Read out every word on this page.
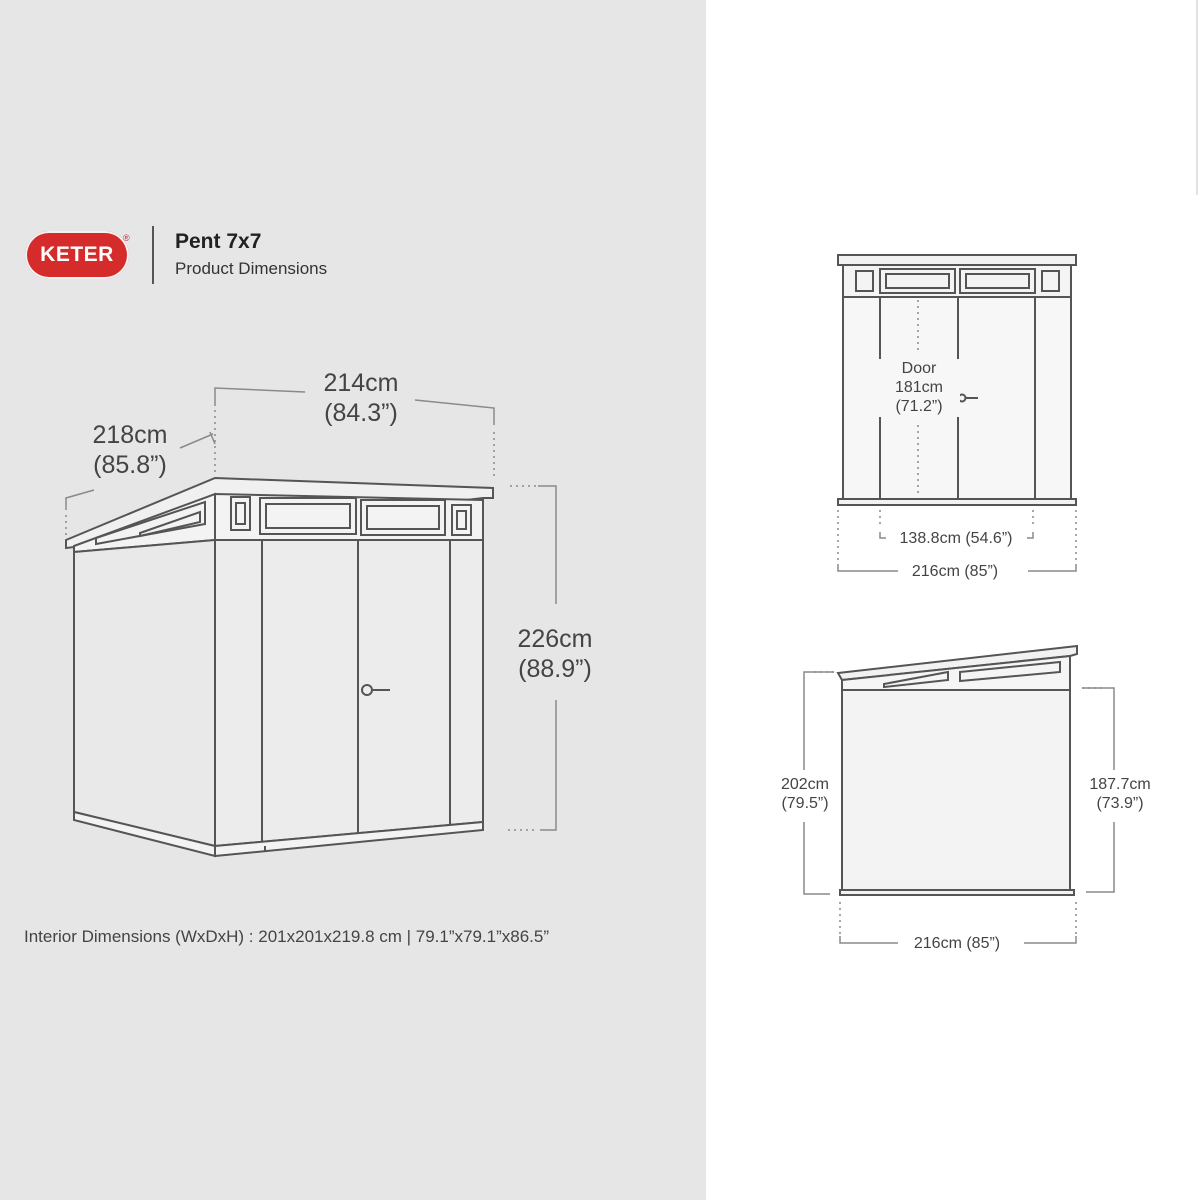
KETER
® Pent 7x7
Product Dimensions
214cm
(84.3”)
218cm
(85.8”)
226cm
(88.9”)
Door
181cm
(71.2”)
138.8cm (54.6”)
216cm (85”)
202cm
(79.5”)
187.7cm
(73.9”)
216cm (85”)
Interior Dimensions (WxDxH) : 201x201x219.8 cm | 79.1”x79.1”x86.5”
